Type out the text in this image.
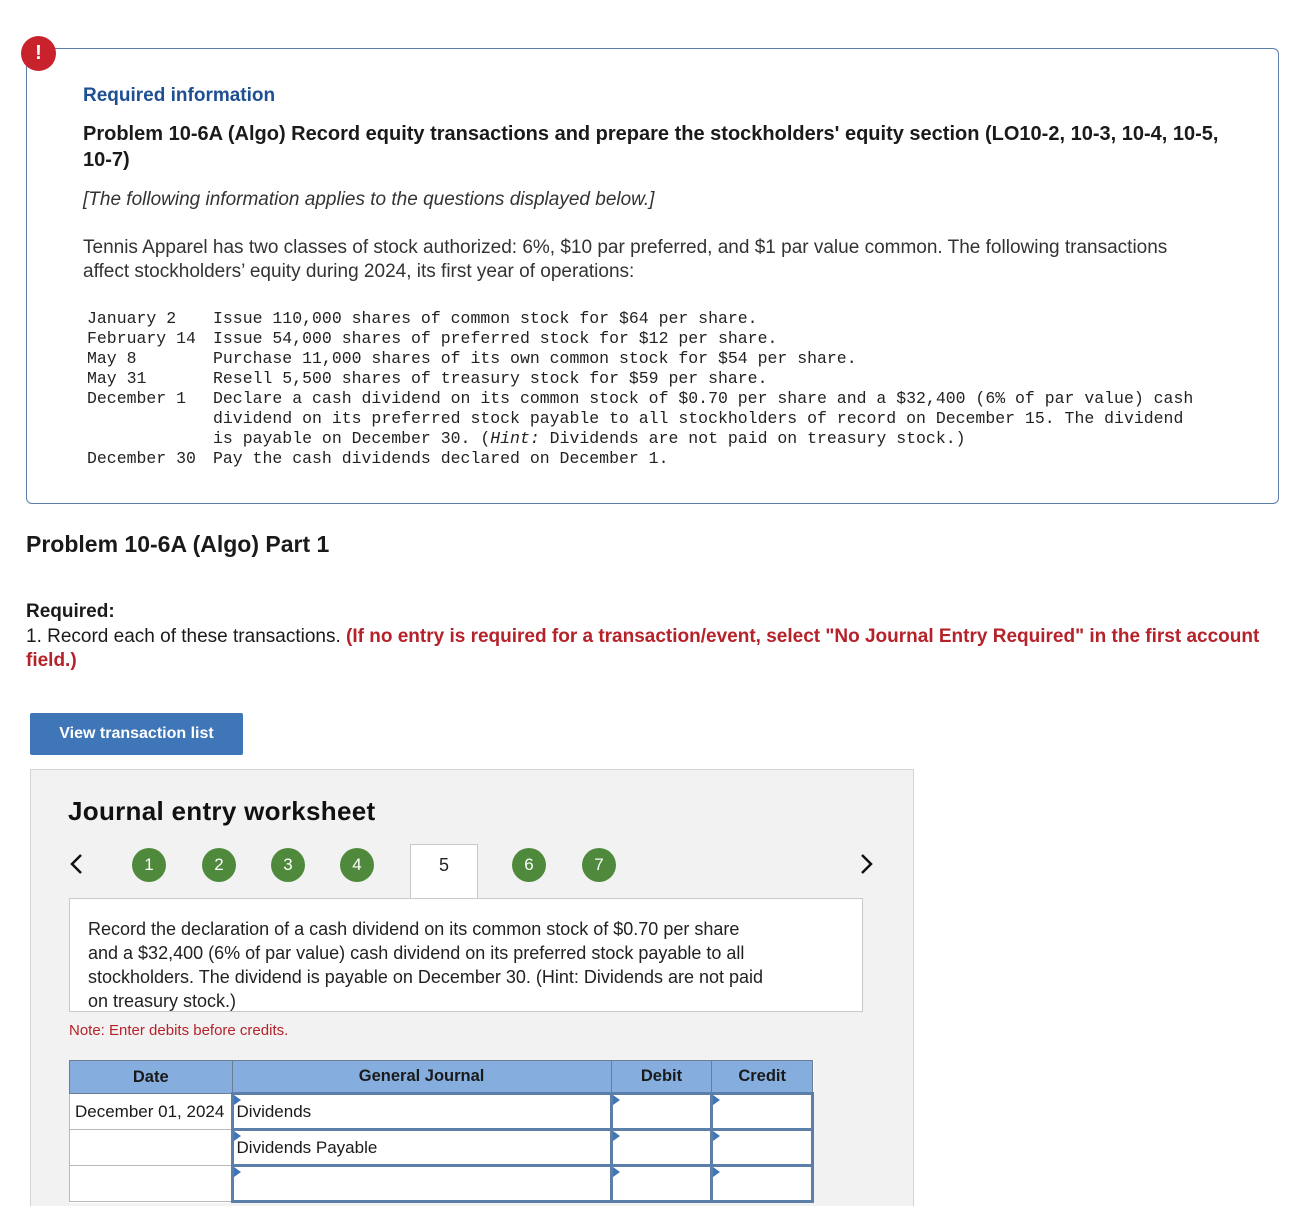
Required information
Problem 10-6A (Algo) Record equity transactions and prepare the stockholders' equity section (LO10-2, 10-3, 10-4, 10-5, 10-7)
[The following information applies to the questions displayed below.]
Tennis Apparel has two classes of stock authorized: 6%, $10 par preferred, and $1 par value common. The following transactions affect stockholders’ equity during 2024, its first year of operations:
January 2	Issue 110,000 shares of common stock for $64 per share.
February 14	Issue 54,000 shares of preferred stock for $12 per share.
May 8	Purchase 11,000 shares of its own common stock for $54 per share.
May 31	Resell 5,500 shares of treasury stock for $59 per share.
December 1	Declare a cash dividend on its common stock of $0.70 per share and a $32,400 (6% of par value) cash dividend on its preferred stock payable to all stockholders of record on December 15. The dividend is payable on December 30. (Hint: Dividends are not paid on treasury stock.)
December 30	Pay the cash dividends declared on December 1.
!
Problem 10-6A (Algo) Part 1
Required:
1. Record each of these transactions. (If no entry is required for a transaction/event, select "No Journal Entry Required" in the first account field.)
View transaction list
Journal entry worksheet
1	2	3	4	5	6	7
Record the declaration of a cash dividend on its common stock of $0.70 per share and a $32,400 (6% of par value) cash dividend on its preferred stock payable to all stockholders. The dividend is payable on December 30. (Hint: Dividends are not paid on treasury stock.)
Note: Enter debits before credits.
Date	General Journal	Debit	Credit
December 01, 2024	Dividends	

Dividends Payable	
